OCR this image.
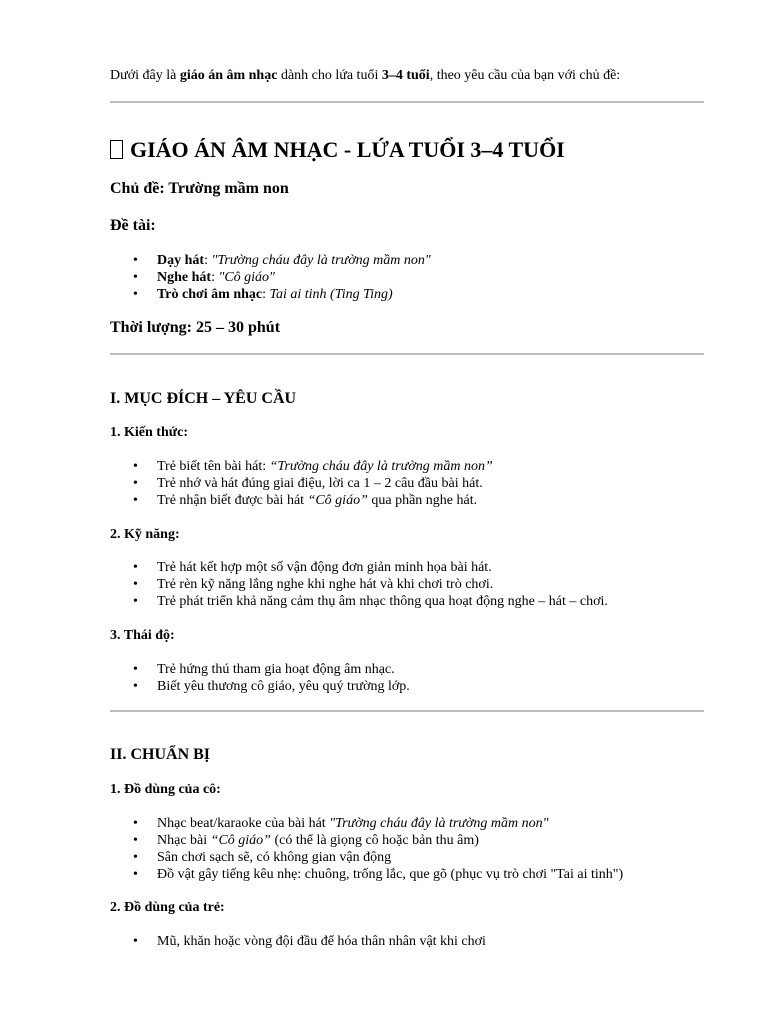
Dưới đây là giáo án âm nhạc dành cho lứa tuổi 3–4 tuổi, theo yêu cầu của bạn với chủ đề:

GIÁO ÁN ÂM NHẠC - LỨA TUỔI 3–4 TUỔI
Chủ đề: Trường mầm non
Đề tài:
• Dạy hát: "Trường cháu đây là trường mầm non"
• Nghe hát: "Cô giáo"
• Trò chơi âm nhạc: Tai ai tinh (Ting Ting)
Thời lượng: 25 – 30 phút
I. MỤC ĐÍCH – YÊU CẦU
1. Kiến thức:
• Trẻ biết tên bài hát: “Trường cháu đây là trường mầm non”
• Trẻ nhớ và hát đúng giai điệu, lời ca 1 – 2 câu đầu bài hát.
• Trẻ nhận biết được bài hát “Cô giáo” qua phần nghe hát.
2. Kỹ năng:
• Trẻ hát kết hợp một số vận động đơn giản minh họa bài hát.
• Trẻ rèn kỹ năng lắng nghe khi nghe hát và khi chơi trò chơi.
• Trẻ phát triển khả năng cảm thụ âm nhạc thông qua hoạt động nghe – hát – chơi.
3. Thái độ:
• Trẻ hứng thú tham gia hoạt động âm nhạc.
• Biết yêu thương cô giáo, yêu quý trường lớp.
II. CHUẨN BỊ
1. Đồ dùng của cô:
• Nhạc beat/karaoke của bài hát "Trường cháu đây là trường mầm non"
• Nhạc bài “Cô giáo” (có thể là giọng cô hoặc bản thu âm)
• Sân chơi sạch sẽ, có không gian vận động
• Đồ vật gây tiếng kêu nhẹ: chuông, trống lắc, que gõ (phục vụ trò chơi "Tai ai tinh")
2. Đồ dùng của trẻ:
• Mũ, khăn hoặc vòng đội đầu để hóa thân nhân vật khi chơi
